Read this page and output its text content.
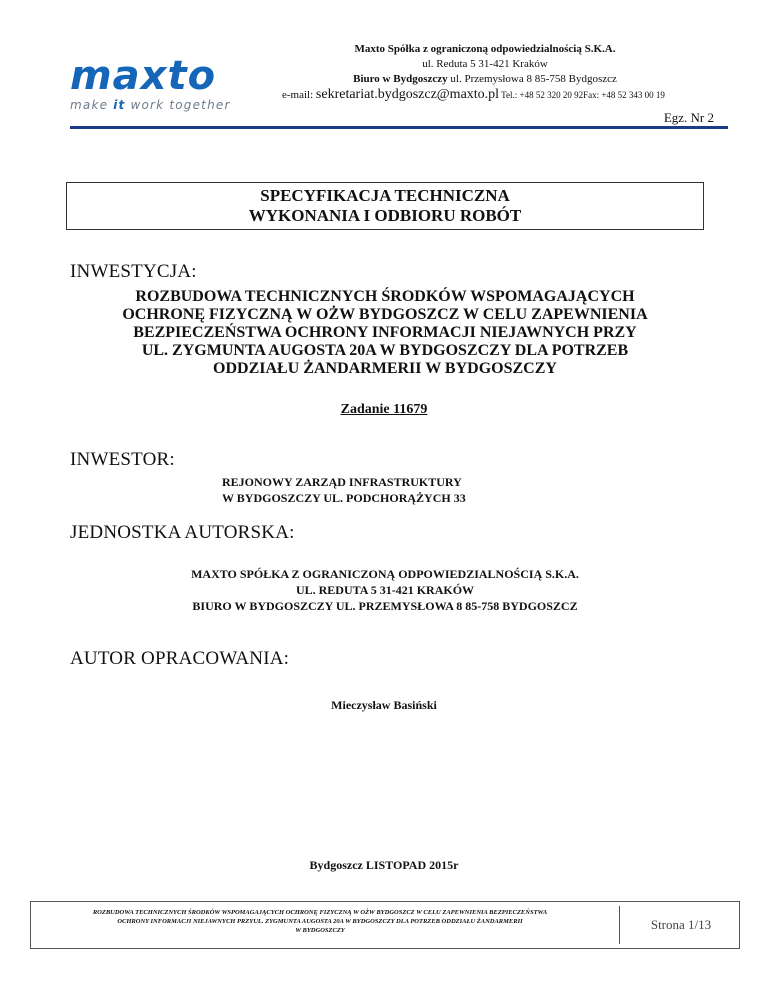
maxto
make it work together
Maxto Spółka z ograniczoną odpowiedzialnością S.K.A.
ul. Reduta 5 31-421 Kraków
Biuro w Bydgoszczy ul. Przemysłowa 8 85-758 Bydgoszcz
e-mail: sekretariat.bydgoszcz@maxto.pl Tel.: +48 52 320 20 92Fax: +48 52 343 00 19
Egz. Nr 2
SPECYFIKACJA TECHNICZNA
WYKONANIA I ODBIORU ROBÓT
INWESTYCJA:
ROZBUDOWA TECHNICZNYCH ŚRODKÓW WSPOMAGAJĄCYCH
OCHRONĘ FIZYCZNĄ W OŻW BYDGOSZCZ W CELU ZAPEWNIENIA
BEZPIECZEŃSTWA OCHRONY INFORMACJI NIEJAWNYCH PRZY
UL. ZYGMUNTA AUGOSTA 20A W BYDGOSZCZY DLA POTRZEB
ODDZIAŁU ŻANDARMERII W BYDGOSZCZY
Zadanie 11679
INWESTOR:
REJONOWY ZARZĄD INFRASTRUKTURY
W BYDGOSZCZY UL. PODCHORĄŻYCH 33
JEDNOSTKA AUTORSKA:
MAXTO SPÓŁKA Z OGRANICZONĄ ODPOWIEDZIALNOŚCIĄ S.K.A.
UL. REDUTA 5 31-421 KRAKÓW
BIURO W BYDGOSZCZY UL. PRZEMYSŁOWA 8 85-758 BYDGOSZCZ
AUTOR OPRACOWANIA:
Mieczysław Basiński
Bydgoszcz LISTOPAD 2015r
ROZBUDOWA TECHNICZNYCH ŚRODKÓW WSPOMAGAJĄCYCH OCHRONĘ FIZYCZNĄ W OŻW BYDGOSZCZ W CELU ZAPEWNIENIA BEZPIECZEŃSTWA
OCHRONY INFORMACJI NIEJAWNYCH PRZYUL. ZYGMUNTA AUGOSTA 20A W BYDGOSZCZY DLA POTRZEB ODDZIAŁU ŻANDARMERII
W BYDGOSZCZY	Strona 1/13
